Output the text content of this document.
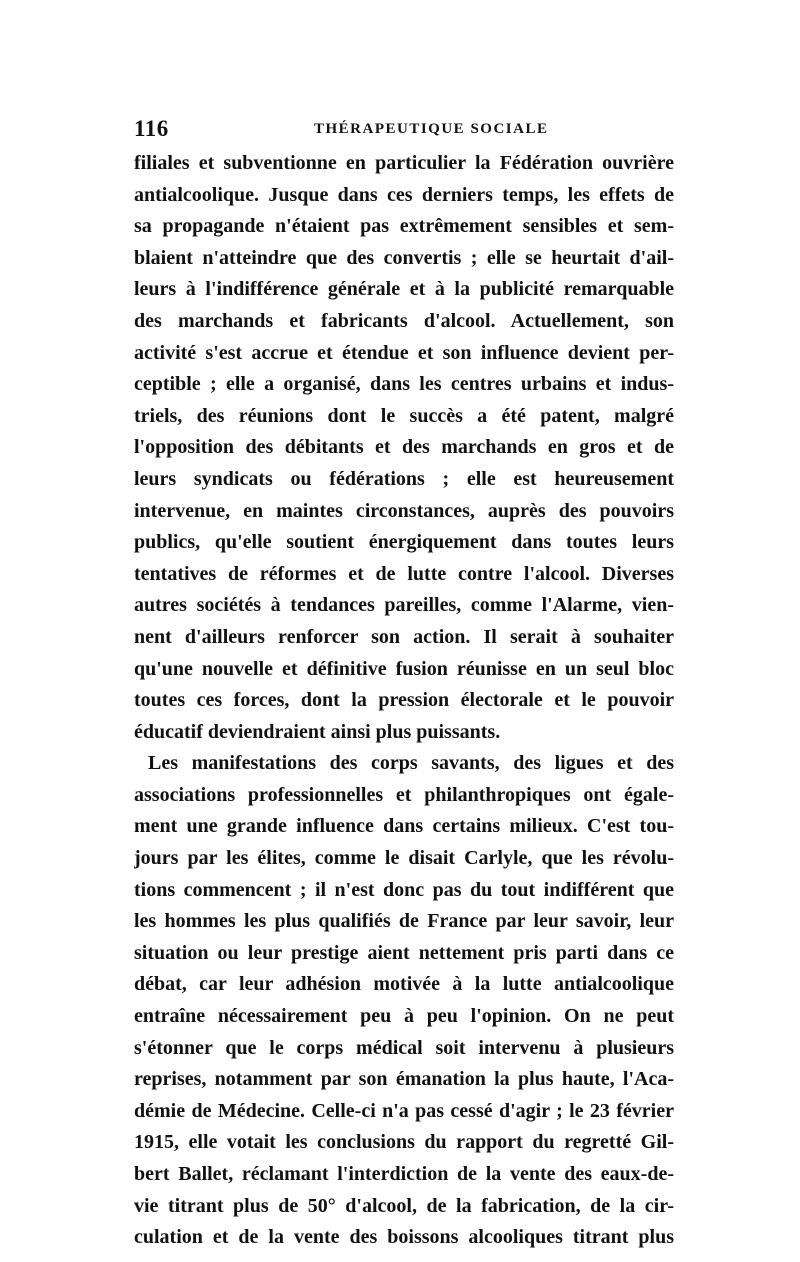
116	THÉRAPEUTIQUE SOCIALE
filiales et subventionne en particulier la Fédération ouvrière
antialcoolique. Jusque dans ces derniers temps, les effets de
sa propagande n'étaient pas extrêmement sensibles et sem-
blaient n'atteindre que des convertis ; elle se heurtait d'ail-
leurs à l'indifférence générale et à la publicité remarquable
des marchands et fabricants d'alcool. Actuellement, son
activité s'est accrue et étendue et son influence devient per-
ceptible ; elle a organisé, dans les centres urbains et indus-
triels, des réunions dont le succès a été patent, malgré
l'opposition des débitants et des marchands en gros et de
leurs syndicats ou fédérations ; elle est heureusement
intervenue, en maintes circonstances, auprès des pouvoirs
publics, qu'elle soutient énergiquement dans toutes leurs
tentatives de réformes et de lutte contre l'alcool. Diverses
autres sociétés à tendances pareilles, comme l'Alarme, vien-
nent d'ailleurs renforcer son action. Il serait à souhaiter
qu'une nouvelle et définitive fusion réunisse en un seul bloc
toutes ces forces, dont la pression électorale et le pouvoir
éducatif deviendraient ainsi plus puissants.
Les manifestations des corps savants, des ligues et des
associations professionnelles et philanthropiques ont égale-
ment une grande influence dans certains milieux. C'est tou-
jours par les élites, comme le disait Carlyle, que les révolu-
tions commencent ; il n'est donc pas du tout indifférent que
les hommes les plus qualifiés de France par leur savoir, leur
situation ou leur prestige aient nettement pris parti dans ce
débat, car leur adhésion motivée à la lutte antialcoolique
entraîne nécessairement peu à peu l'opinion. On ne peut
s'étonner que le corps médical soit intervenu à plusieurs
reprises, notamment par son émanation la plus haute, l'Aca-
démie de Médecine. Celle-ci n'a pas cessé d'agir ; le 23 février
1915, elle votait les conclusions du rapport du regretté Gil-
bert Ballet, réclamant l'interdiction de la vente des eaux-de-
vie titrant plus de 50° d'alcool, de la fabrication, de la cir-
culation et de la vente des boissons alcooliques titrant plus
